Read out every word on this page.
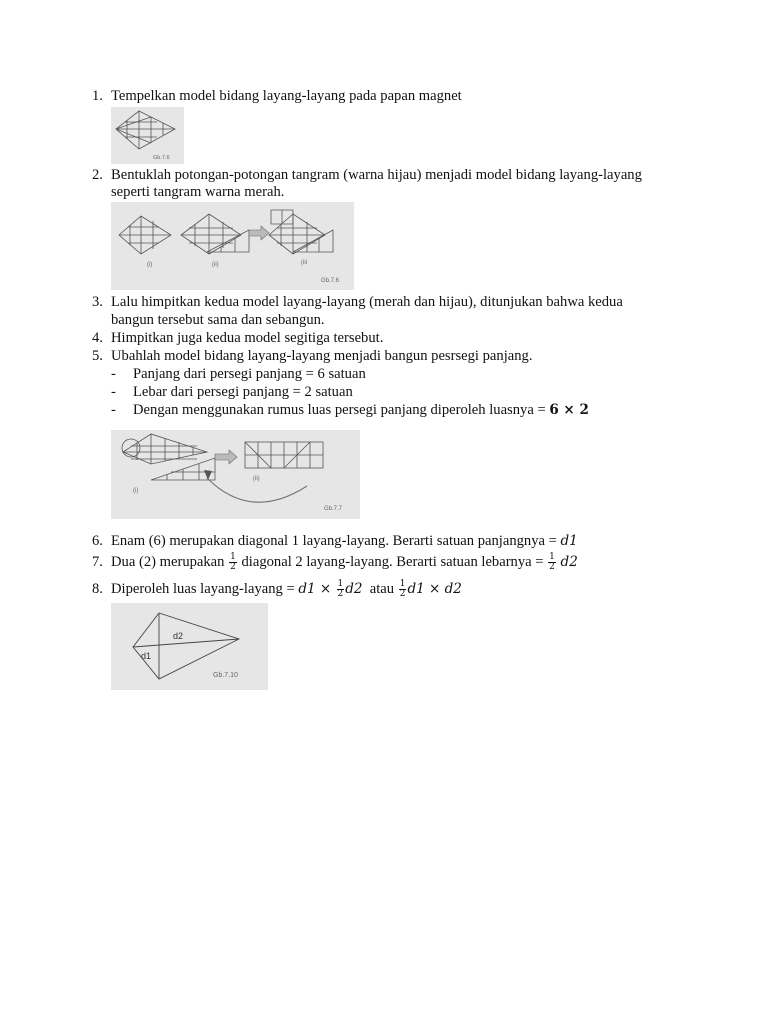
1. Tempelkan model bidang layang-layang pada papan magnet
Gb.7.6
2. Bentuklah potongan-potongan tangram (warna hijau) menjadi model bidang layang-layang
seperti tangram warna merah.
(i)	(ii)	(iii
Gb.7.6
3. Lalu himpitkan kedua model layang-layang (merah dan hijau), ditunjukan bahwa kedua
bangun tersebut sama dan sebangun.
4. Himpitkan juga kedua model segitiga tersebut.
5. Ubahlah model bidang layang-layang menjadi bangun pesrsegi panjang.
- Panjang dari persegi panjang = 6 satuan
- Lebar dari persegi panjang = 2 satuan
- Dengan menggunakan rumus luas persegi panjang diperoleh luasnya = 6 × 2
(i)
(ii)
Gb.7.7
6. Enam (6) merupakan diagonal 1 layang-layang. Berarti satuan panjangnya = d1
7. Dua (2) merupakan $\frac{1}{2}$ diagonal 2 layang-layang. Berarti satuan lebarnya = $\frac{1}{2} d2$
8. Diperoleh luas layang-layang = $d1 \times \frac{1}{2} d2$  atau $\frac{1}{2} d1 \times d2$
d2
d1
Gb.7.10
